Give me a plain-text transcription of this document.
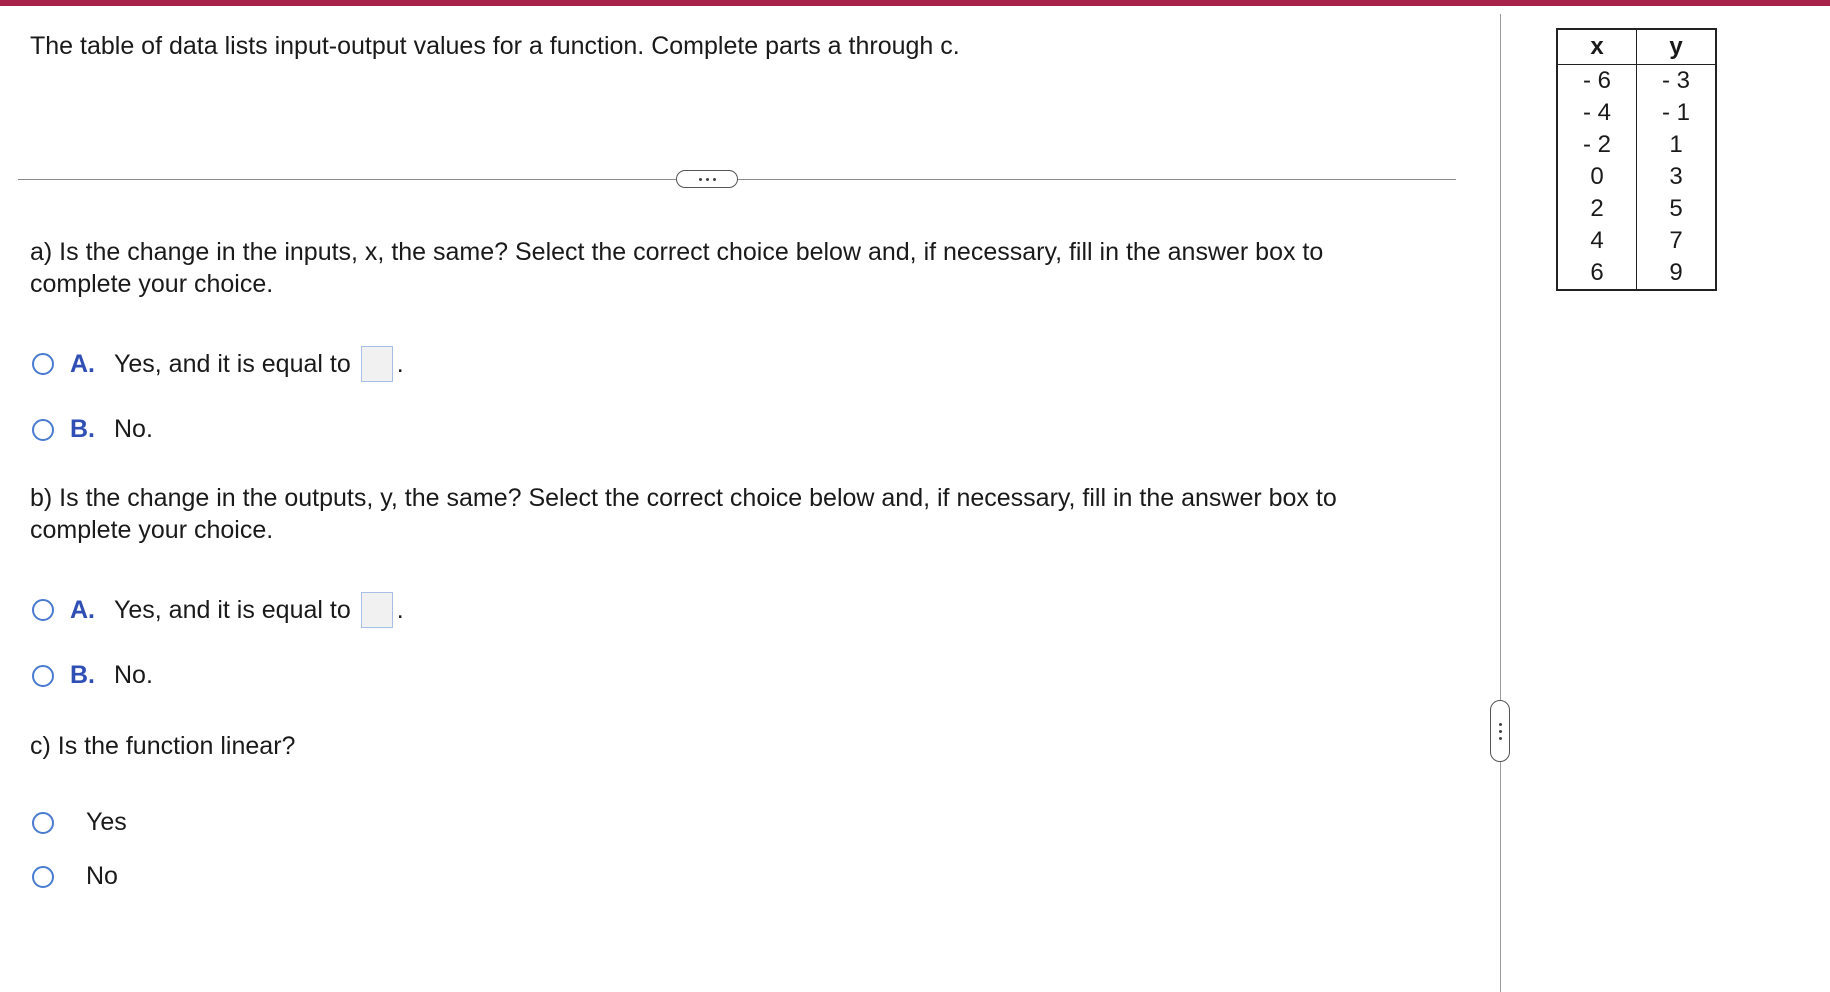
The table of data lists input-output values for a function. Complete parts a through c.
a) Is the change in the inputs, x, the same? Select the correct choice below and, if necessary, fill in the answer box to complete your choice.
A. Yes, and it is equal to .
B. No.
b) Is the change in the outputs, y, the same? Select the correct choice below and, if necessary, fill in the answer box to complete your choice.
A. Yes, and it is equal to .
B. No.
c) Is the function linear?
Yes
No
x	y
- 6	- 3
- 4	- 1
- 2	1
0	3
2	5
4	7
6	9
